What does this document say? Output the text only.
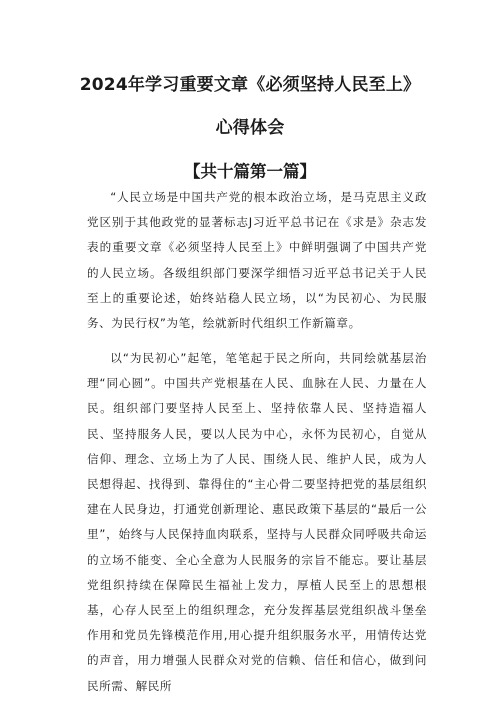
2024年学习重要文章《必须坚持人民至上》
心得体会
【共十篇第一篇】

“人民立场是中国共产党的根本政治立场，是马克思主义政党区别于其他政党的显著标志J习近平总书记在《求是》杂志发表的重要文章《必须坚持人民至上》中鲜明强调了中国共产党的人民立场。各级组织部门要深学细悟习近平总书记关于人民至上的重要论述，始终站稳人民立场，以“为民初心、为民服务、为民行权”为笔，绘就新时代组织工作新篇章。

以“为民初心”起笔，笔笔起于民之所向，共同绘就基层治理“同心圆”。中国共产党根基在人民、血脉在人民、力量在人民。组织部门要坚持人民至上、坚持依靠人民、坚持造福人民、坚持服务人民，要以人民为中心，永怀为民初心，自觉从信仰、理念、立场上为了人民、围绕人民、维护人民，成为人民想得起、找得到、靠得住的“主心骨二要坚持把党的基层组织建在人民身边，打通党创新理论、惠民政策下基层的“最后一公里”，始终与人民保持血肉联系，坚持与人民群众同呼吸共命运的立场不能变、全心全意为人民服务的宗旨不能忘。要让基层党组织持续在保障民生福祉上发力，厚植人民至上的思想根基，心存人民至上的组织理念，充分发挥基层党组织战斗堡垒作用和党员先锋模范作用,用心提升组织服务水平，用情传达党的声音，用力增强人民群众对党的信赖、信任和信心，做到问民所需、解民所
